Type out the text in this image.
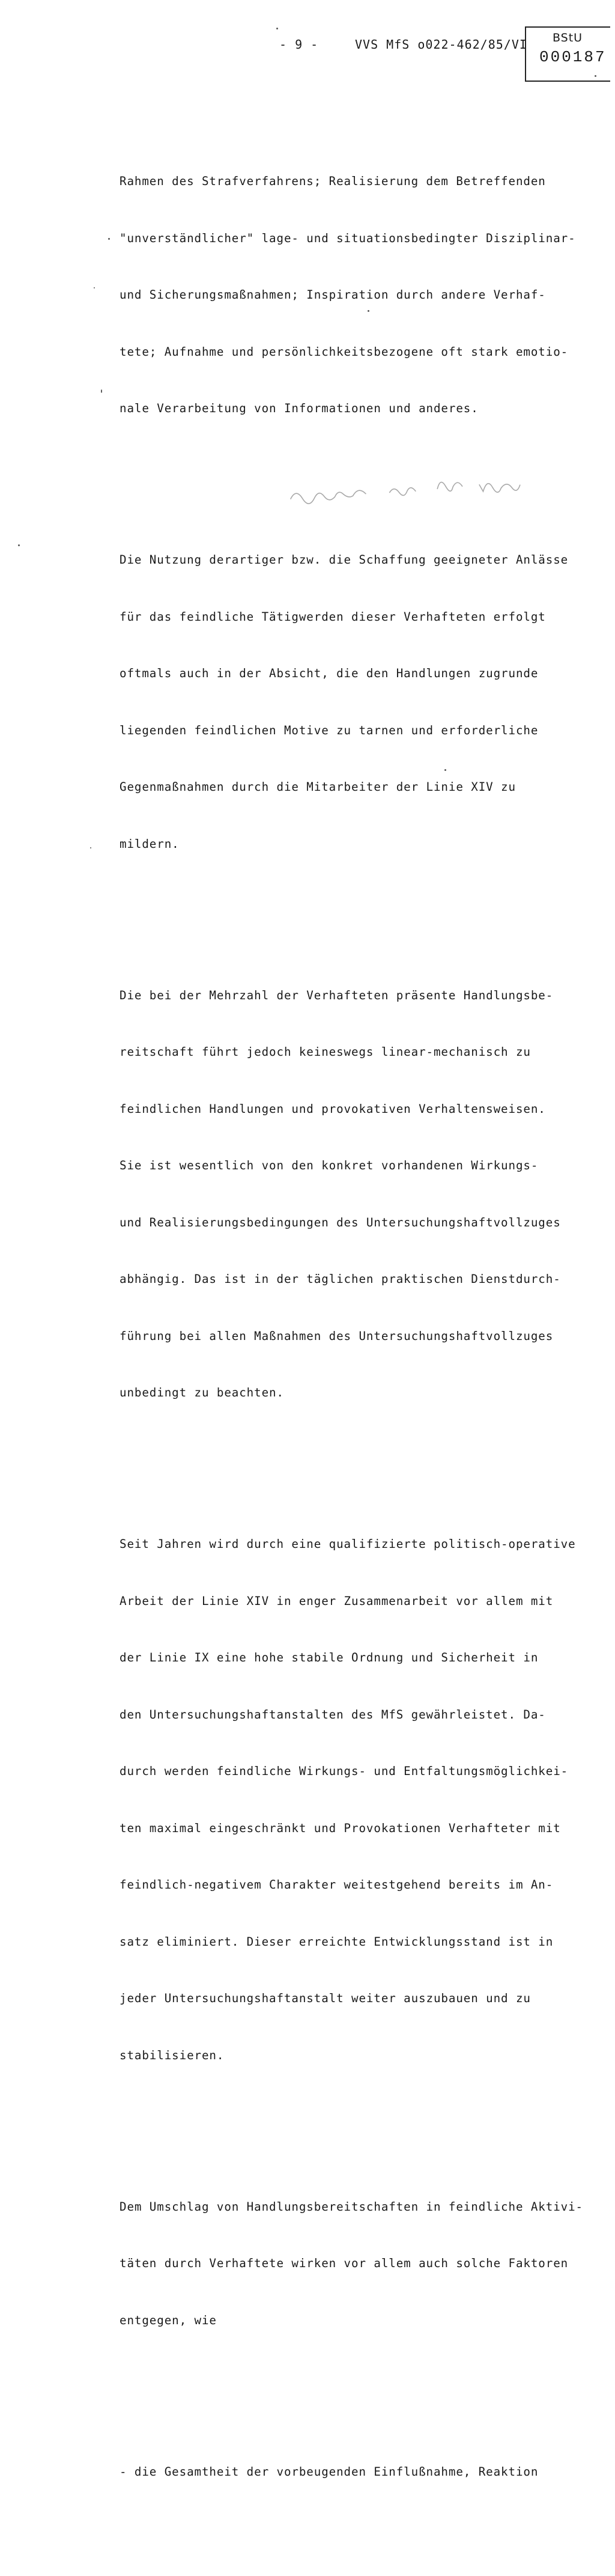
- 9 -	VVS MfS o022-462/85/VI	BStU
000187

Rahmen des Strafverfahrens; Realisierung dem Betreffenden

"unverständlicher" lage- und situationsbedingter Disziplinar-

und Sicherungsmaßnahmen; Inspiration durch andere Verhaf-

tete; Aufnahme und persönlichkeitsbezogene oft stark emotio-

nale Verarbeitung von Informationen und anderes.

Die Nutzung derartiger bzw. die Schaffung geeigneter Anlässe

für das feindliche Tätigwerden dieser Verhafteten erfolgt

oftmals auch in der Absicht, die den Handlungen zugrunde

liegenden feindlichen Motive zu tarnen und erforderliche

Gegenmaßnahmen durch die Mitarbeiter der Linie XIV zu

mildern.

Die bei der Mehrzahl der Verhafteten präsente Handlungsbe-

reitschaft führt jedoch keineswegs linear-mechanisch zu

feindlichen Handlungen und provokativen Verhaltensweisen.

Sie ist wesentlich von den konkret vorhandenen Wirkungs-

und Realisierungsbedingungen des Untersuchungshaftvollzuges

abhängig. Das ist in der täglichen praktischen Dienstdurch-

führung bei allen Maßnahmen des Untersuchungshaftvollzuges

unbedingt zu beachten.

Seit Jahren wird durch eine qualifizierte politisch-operative

Arbeit der Linie XIV in enger Zusammenarbeit vor allem mit

der Linie IX eine hohe stabile Ordnung und Sicherheit in

den Untersuchungshaftanstalten des MfS gewährleistet. Da-

durch werden feindliche Wirkungs- und Entfaltungsmöglichkei-

ten maximal eingeschränkt und Provokationen Verhafteter mit

feindlich-negativem Charakter weitestgehend bereits im An-

satz eliminiert. Dieser erreichte Entwicklungsstand ist in

jeder Untersuchungshaftanstalt weiter auszubauen und zu

stabilisieren.

Dem Umschlag von Handlungsbereitschaften in feindliche Aktivi-

täten durch Verhaftete wirken vor allem auch solche Faktoren

entgegen, wie

- die Gesamtheit der vorbeugenden Einflußnahme, Reaktion
